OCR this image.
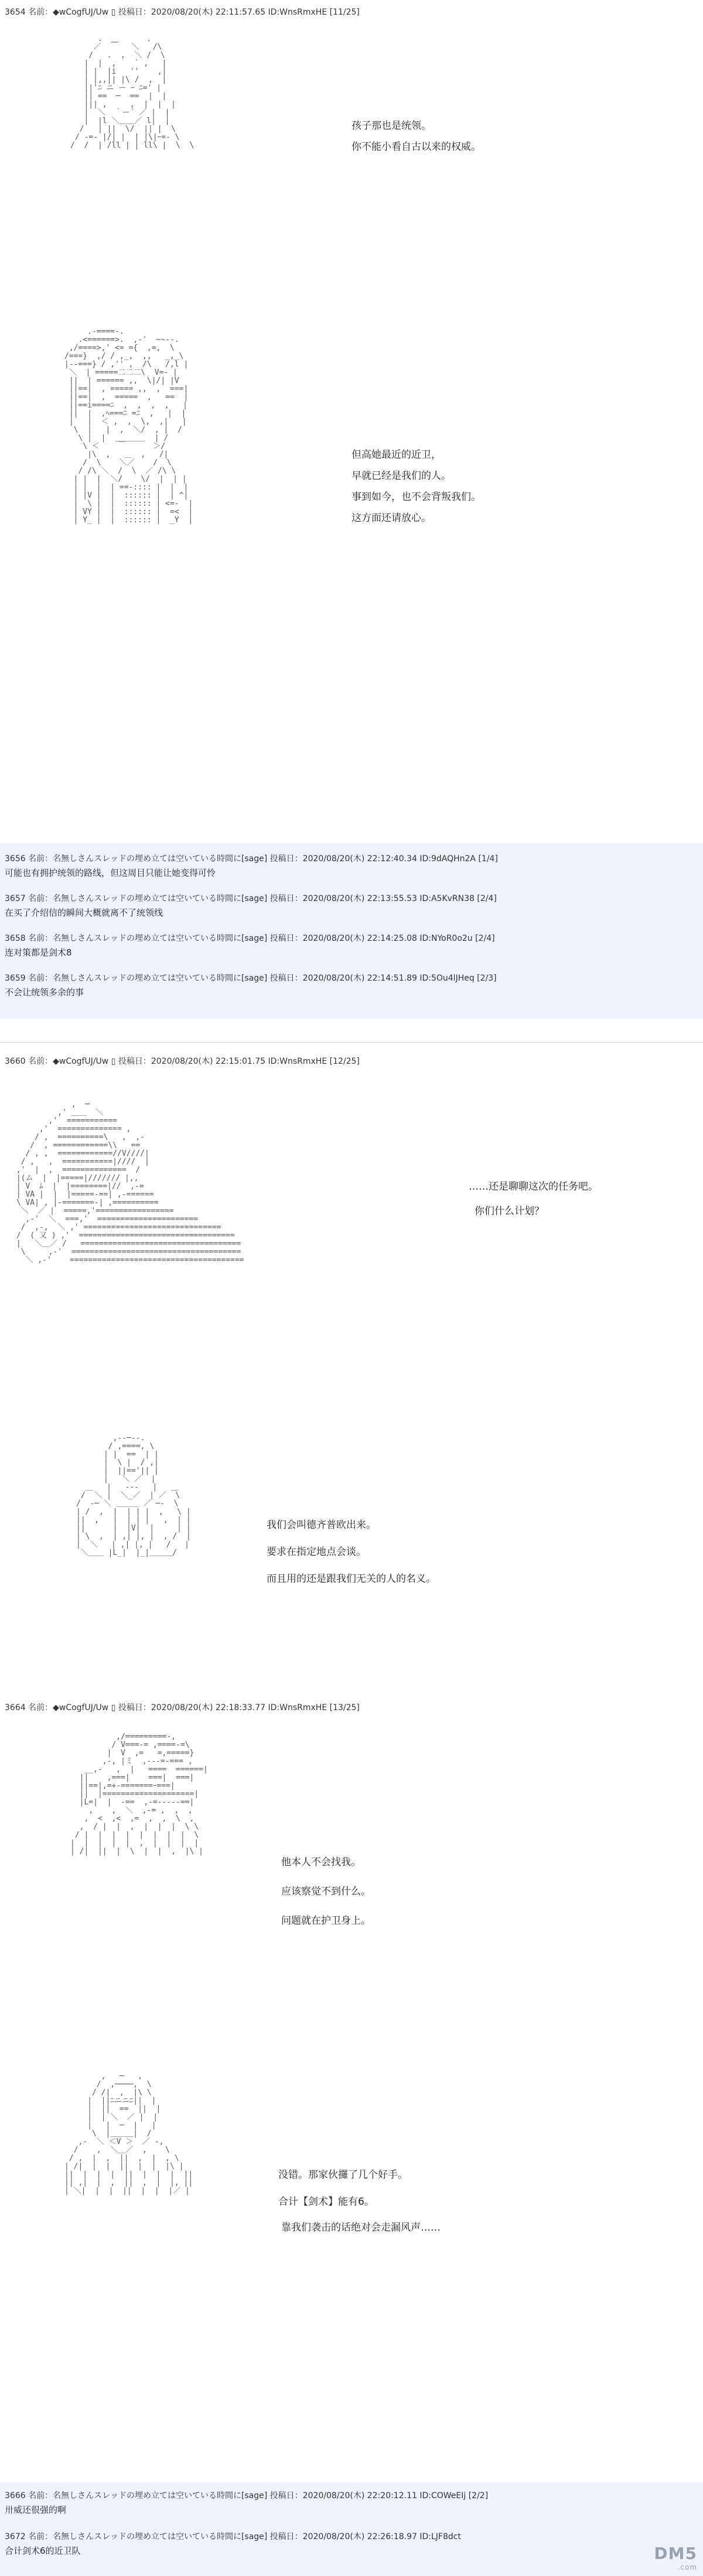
3654 名前：◆wCogfUJ/Uw ▯ 投稿日：2020/08/20(木) 22:11:57.65 ID:WnsRmxHE [11/25]
.  ＿      .
／  ￣   ＼   /\
/   .  ,  ＼ /  \
|  |  ,    ` ,   |
| |  |i   ''    ,|
| |,,|| |\ /  ,  |
||'ﾆ ニ ー ｰ ﾆ=' |
|| ==  ─  ==  |  |
||| ,     ,  |  |  |
|  ＼  ｀ー´ ／ |  |
|  |l ＼＿＿／ l|  |
/   | ||  \/  || |  \
/ -=‐ |/| |  | |\|ｰ=- \
/  /  | /ll | | ll\ |  \  \
孩子那也是统领。
你不能小看自古以来的权威。
.-====-.
.<======>.  ,-'  ~~--.
,/====>,' <= ={  ,=,  \
/===}  ,/ / ,_,  ,,   _,_\
|--===} / ,'' ,  /\   /,l |
＼  | =====二二二\  V=- |
||  | ====== ,,  \|/| |V
||==|  , ===== ,,  ,  ===|
||==|  ,  =====  ,   ==  |
||==i====ﾆ  ,  ,  ,  ,   |
||  |  ,ﾍ===ﾆ =ﾆ  ,   |  |
|   |  ＜ ,  ,  \,  ,|   |
\  |   |  ,  ＼/  , |  /
\ |  |  ＿＿＿＿  | /
\ ＜    ￣      ＞/
|\  ,   ＿  ,   /|
/  \    ＼／    /  \
/ /\ ＼  /  \  ／ /\ \
| |  |  ＼/    \/  |  | |
| |  |  | ==-:::: |  |  |
| |V |  |  :::::: |  | ^|
|  \ |  |  :::::: | <=-  |
| VY |  |  :::::: |  =<  |
| Y_ |  |  :::::: |  _Y  |
但高她最近的近卫，
早就已经是我们的人。
事到如今，也不会背叛我们。
这方面还请放心。
3656 名前：名無しさんスレッドの埋め立ては空いている時間に[sage] 投稿日：2020/08/20(木) 22:12:40.34 ID:9dAQHn2A [1/4]
可能也有拥护统领的路线，但这周目只能让她变得可怜
3657 名前：名無しさんスレッドの埋め立ては空いている時間に[sage] 投稿日：2020/08/20(木) 22:13:55.53 ID:A5KvRN38 [2/4]
在买了介绍信的瞬间大概就离不了统领线
3658 名前：名無しさんスレッドの埋め立ては空いている時間に[sage] 投稿日：2020/08/20(木) 22:14:25.08 ID:NYoR0o2u [2/4]
连对策都是剑术8
3659 名前：名無しさんスレッドの埋め立ては空いている時間に[sage] 投稿日：2020/08/20(木) 22:14:51.89 ID:5Ou4lJHeq [2/3]
不会让统领多余的事
3660 名前：◆wCogfUJ/Uw ▯ 投稿日：2020/08/20(木) 22:15:01.75 ID:WnsRmxHE [12/25]
,  ─
,' ＿＿  ＼
,'  ===========
,'  ============== ,
/ ,  ==========\   ,  ,-
/  , ============\\   ==
/ , ,  ============//V////|
/ ,   ,  ===========|////  |
,'  |  ,  ==============  /
|(ム  |  |=====|/////// |,,
| V  ﾑ  |  |========|//  ,-=
| VA |  |  |=====-==| ,-======
\ VA| , |-=======-| ,==========
＼  ／ |  =====,'=================
,-'  ＼  ===,'  ======================
/  ,-,  ＼ ,' ==============================
/  ( 又 ) ,'  ==================================
|   ＼＿／ /   ===================================
\     ,-'  =====================================
＼ ,-'    ======================================
……还是聊聊这次的任务吧。
你们什么计划？
,--─--.
/ ,====, \
| |  ==  | |
|  \ |  / ,|
|  ||=='|| |
|   ＼ ／  |
＿   |   ---   |   ＿
/  ＼ |  ＼_／  | ／  \
/  -─ ＼ ＿＿＿ ／ ─-  \
| /  ,  |  | | |  ,   \ |
||  ,   |  | | |   ,  | |
||      |  |V|  |     | |
| \  ,  | ,| |, |  , /  |
|  ＼   | ,| |, |   /   |
＼＿＿ |L_|  |_|＿＿＿/
我们会叫德齐普欧出来。
要求在指定地点会谈。
而且用的还是跟我们无关的人的名义。
3664 名前：◆wCogfUJ/Uw ▯ 投稿日：2020/08/20(木) 22:18:33.77 ID:WnsRmxHE [13/25]
,/=========-,
/ V===-= ,====-=\
|  V  ,=   =,=====}
,-, |ミ  ,---=-=== ,
__,-   ,  |   ====  ======|
||    ,===|    ===|  ===|
||==|,=+-=======ｰ===|
||  |====================|
|L=|  |  -==  ,-=-----==|
,    ,  ＼  ,-= ,  ,  ,
,  <  ,<  ,=  ,  ,  \  ,
,  / |  |  ,  |  |  |  \ \
/ |  |  |  |  |  |  |  |  \
|  |  |  |  |  ,  |  |  |  |
| /|  ||  |  \  |  |  ,  |\ |
他本人不会找我。
应该察觉不到什么。
问题就在护卫身上。
,   ─   ,
/  ,────,  \
/ /|  ,  |\ \
|  ||ﾆニニﾆ||  |
|  ||  ==  ||  |
|  | ＼  ／ |  |
|   |  ─  |   |
\  |＿＿＿|  /
,-  ＼ ＜V ＞  ／ -,
/    ,  ＼＿／  ,    \
/ ,  |  ,  ||  ,  |  , \
| /|  |  |  ||  |  |  |\ |
||  |  |  |  ||  |  |  |  ||
|| ,|  |  ,  ||  ,  |  |, ||
| ＼|  |  |  ||  |  |  |／ |
没错。那家伙攞了几个好手。
合计【剑术】能有6。
靠我们袭击的话绝对会走漏风声……
3666 名前：名無しさんスレッドの埋め立ては空いている時間に[sage] 投稿日：2020/08/20(木) 22:20:12.11 ID:COWeEIj [2/2]
卅威还很强的啊
3672 名前：名無しさんスレッドの埋め立ては空いている時間に[sage] 投稿日：2020/08/20(木) 22:26:18.97 ID:LJF8dct
合计剑术6的近卫队	DM5
.com
